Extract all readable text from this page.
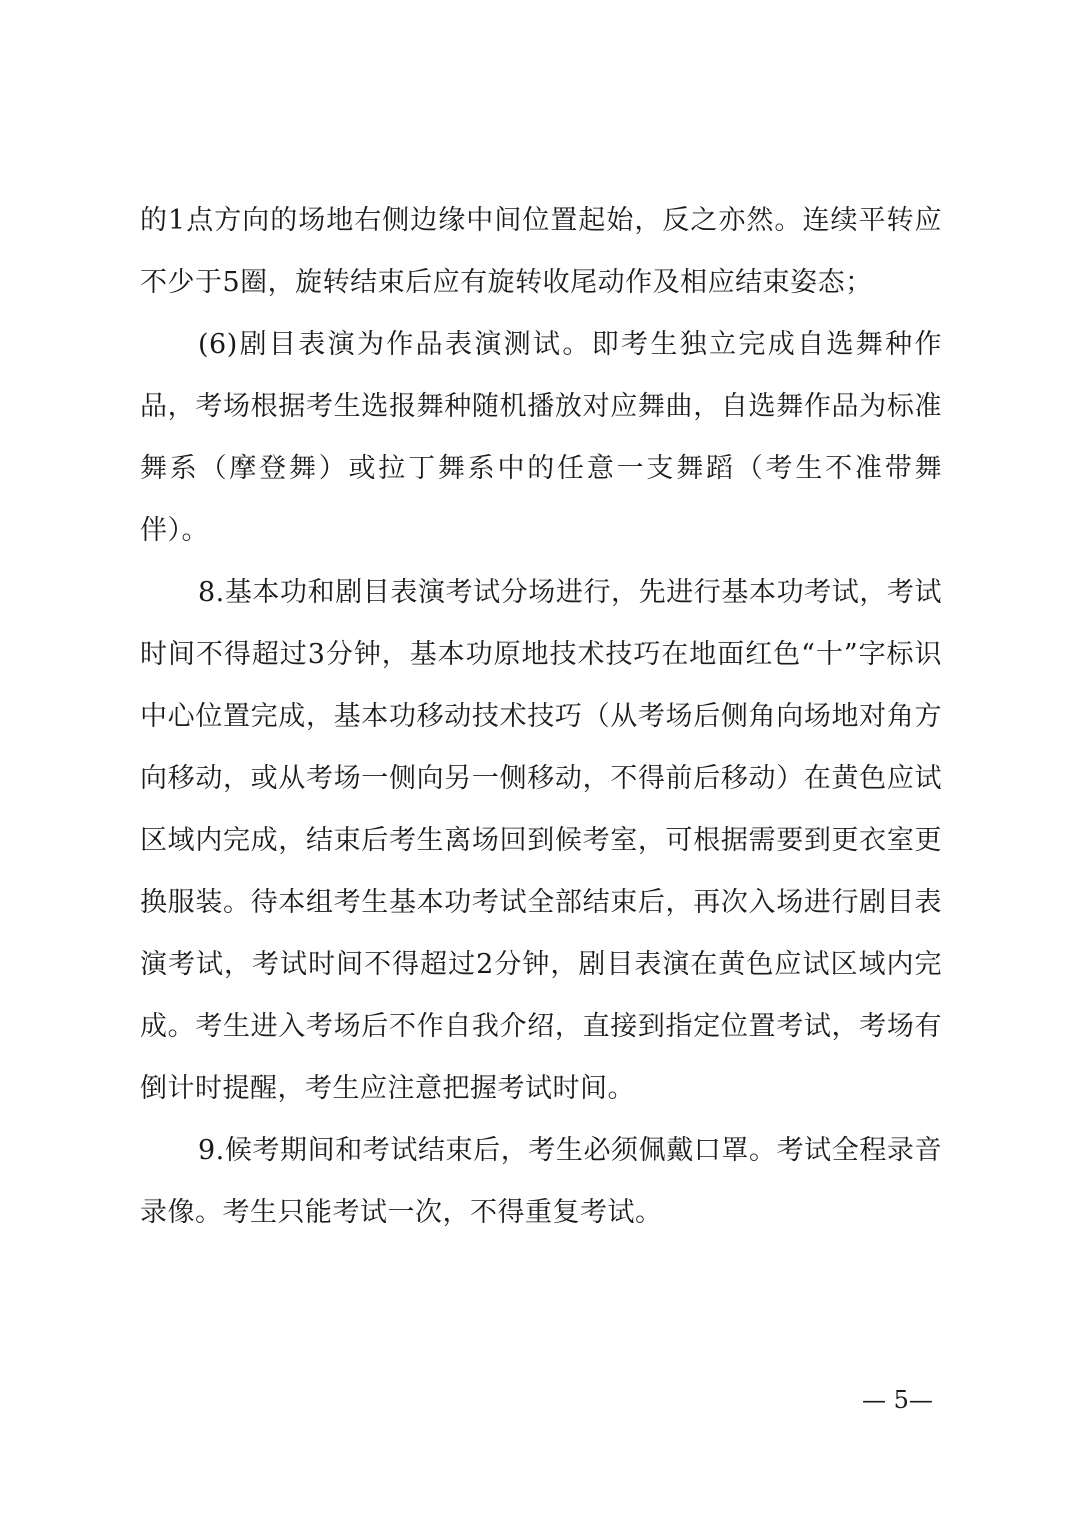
的1点方向的场地右侧边缘中间位置起始，反之亦然。连续平转应不少于5圈，旋转结束后应有旋转收尾动作及相应结束姿态；

(6)剧目表演为作品表演测试。即考生独立完成自选舞种作品，考场根据考生选报舞种随机播放对应舞曲，自选舞作品为标准舞系（摩登舞）或拉丁舞系中的任意一支舞蹈（考生不准带舞伴）。

8.基本功和剧目表演考试分场进行，先进行基本功考试，考试时间不得超过3分钟，基本功原地技术技巧在地面红色“十”字标识中心位置完成，基本功移动技术技巧（从考场后侧角向场地对角方向移动，或从考场一侧向另一侧移动，不得前后移动）在黄色应试区域内完成，结束后考生离场回到候考室，可根据需要到更衣室更换服装。待本组考生基本功考试全部结束后，再次入场进行剧目表演考试，考试时间不得超过2分钟，剧目表演在黄色应试区域内完成。考生进入考场后不作自我介绍，直接到指定位置考试，考场有倒计时提醒，考生应注意把握考试时间。

9.候考期间和考试结束后，考生必须佩戴口罩。考试全程录音录像。考生只能考试一次，不得重复考试。

— 5—
